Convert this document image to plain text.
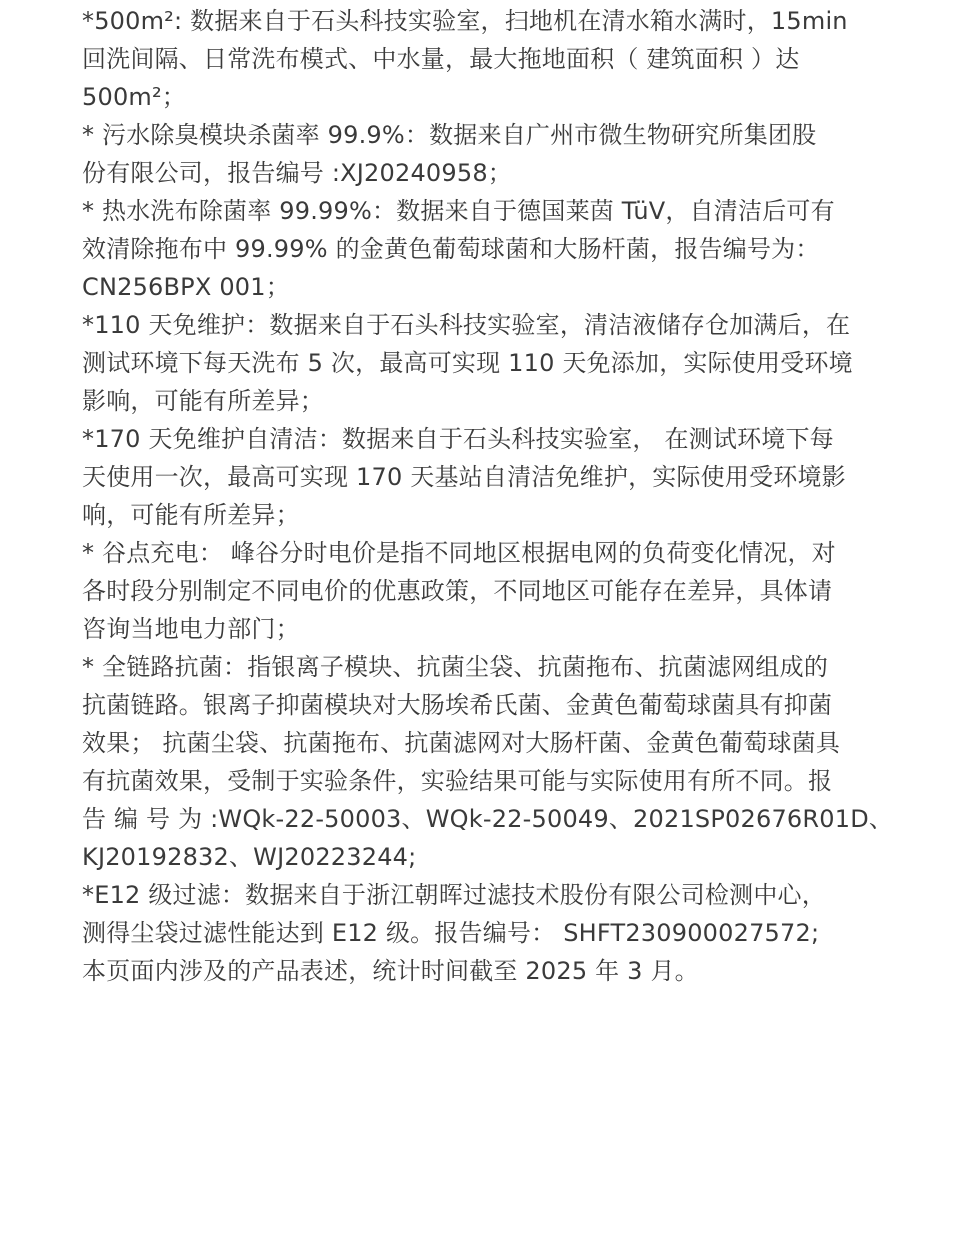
*500m²: 数据来自于石头科技实验室，扫地机在清水箱水满时，15min
回洗间隔、日常洗布模式、中水量，最大拖地面积（ 建筑面积 ）达
500m²；

* 污水除臭模块杀菌率 99.9%：数据来自广州市微生物研究所集团股
份有限公司，报告编号 :XJ20240958；

* 热水洗布除菌率 99.99%：数据来自于德国莱茵 TüV，自清洁后可有
效清除拖布中 99.99% 的金黄色葡萄球菌和大肠杆菌，报告编号为：
CN256BPX 001；

*110 天免维护：数据来自于石头科技实验室，清洁液储存仓加满后，在
测试环境下每天洗布 5 次，最高可实现 110 天免添加，实际使用受环境
影响，可能有所差异；

*170 天免维护自清洁：数据来自于石头科技实验室， 在测试环境下每
天使用一次，最高可实现 170 天基站自清洁免维护，实际使用受环境影
响，可能有所差异；

* 谷点充电： 峰谷分时电价是指不同地区根据电网的负荷变化情况，对
各时段分别制定不同电价的优惠政策，不同地区可能存在差异，具体请
咨询当地电力部门；

* 全链路抗菌：指银离子模块、抗菌尘袋、抗菌拖布、抗菌滤网组成的
抗菌链路。银离子抑菌模块对大肠埃希氏菌、金黄色葡萄球菌具有抑菌
效果； 抗菌尘袋、抗菌拖布、抗菌滤网对大肠杆菌、金黄色葡萄球菌具
有抗菌效果，受制于实验条件，实验结果可能与实际使用有所不同。报
告 编 号 为 :WQk-22-50003、WQk-22-50049、2021SP02676R01D、
KJ20192832、WJ20223244;

*E12 级过滤：数据来自于浙江朝晖过滤技术股份有限公司检测中心，
测得尘袋过滤性能达到 E12 级。报告编号： SHFT230900027572;

本页面内涉及的产品表述，统计时间截至 2025 年 3 月。
